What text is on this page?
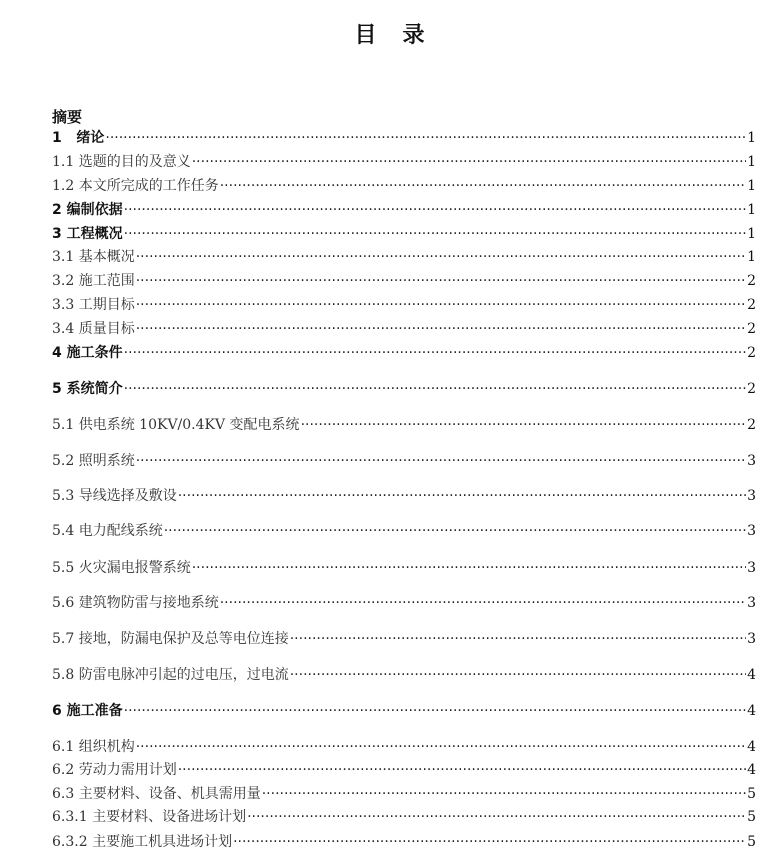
目 录
摘要
1 绪论 ·····	1
1.1 选题的目的及意义 ·····	1
1.2 本文所完成的工作任务 ·····	1
2 编制依据 ·····	1
3 工程概况 ·····	1
3.1 基本概况 ·····	1
3.2 施工范围 ·····	2
3.3 工期目标 ·····	2
3.4 质量目标 ·····	2
4 施工条件 ·····	2
5 系统简介 ·····	2
5.1 供电系统 10KV/0.4KV 变配电系统 ·····	2
5.2 照明系统 ·····	3
5.3 导线选择及敷设 ·····	3
5.4 电力配线系统 ·····	3
5.5 火灾漏电报警系统 ·····	3
5.6 建筑物防雷与接地系统 ·····	3
5.7 接地，防漏电保护及总等电位连接 ·····	3
5.8 防雷电脉冲引起的过电压，过电流 ·····	4
6 施工准备 ·····	4
6.1 组织机构 ·····	4
6.2 劳动力需用计划 ·····	4
6.3 主要材料、设备、机具需用量 ·····	5
6.3.1 主要材料、设备进场计划 ·····	5
6.3.2 主要施工机具进场计划 ·····	5
